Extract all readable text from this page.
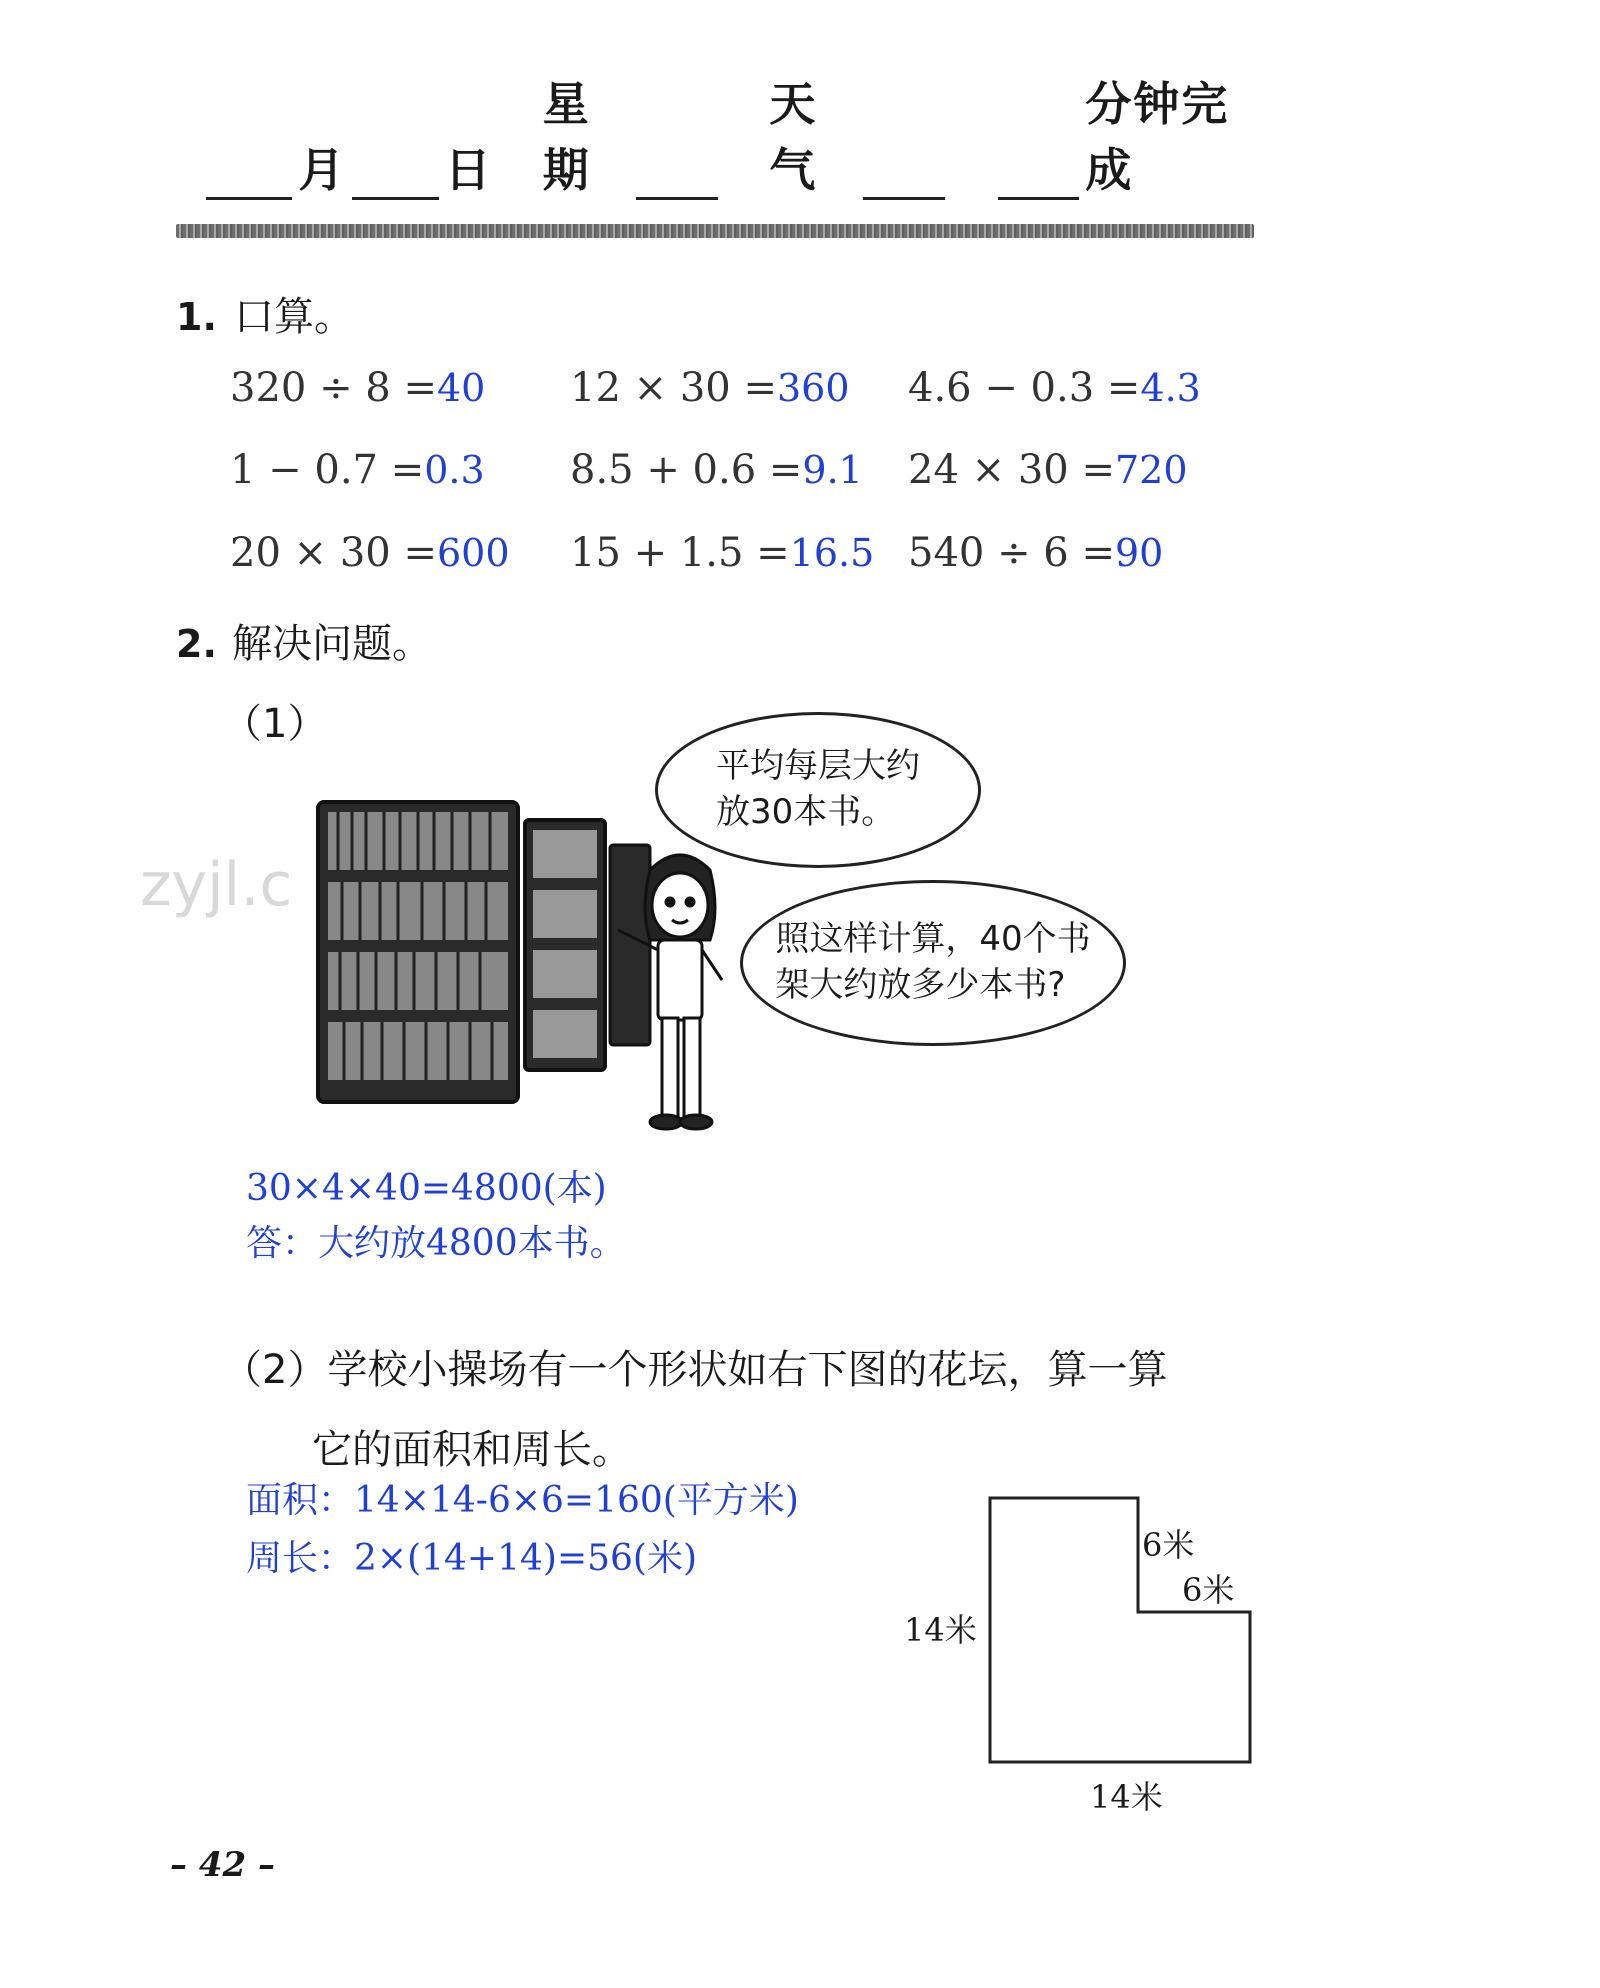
月 日
星期
天气
分钟完成
1. 口算。
320 ÷ 8 =40 12 × 30 =360 4.6 − 0.3 =4.3
1 − 0.7 =0.3 8.5 + 0.6 =9.1 24 × 30 =720
20 × 30 =600 15 + 1.5 =16.5 540 ÷ 6 =90
2. 解决问题。
（1）
平均每层大约
放30本书。
照这样计算，40个书
架大约放多少本书?
zyjl.c
30×4×40=4800(本)
答：大约放4800本书。
（2）学校小操场有一个形状如右下图的花坛，算一算
它的面积和周长。
面积：14×14-6×6=160(平方米)
周长：2×(14+14)=56(米)	6米
6米
14米
14米
– 42 –
